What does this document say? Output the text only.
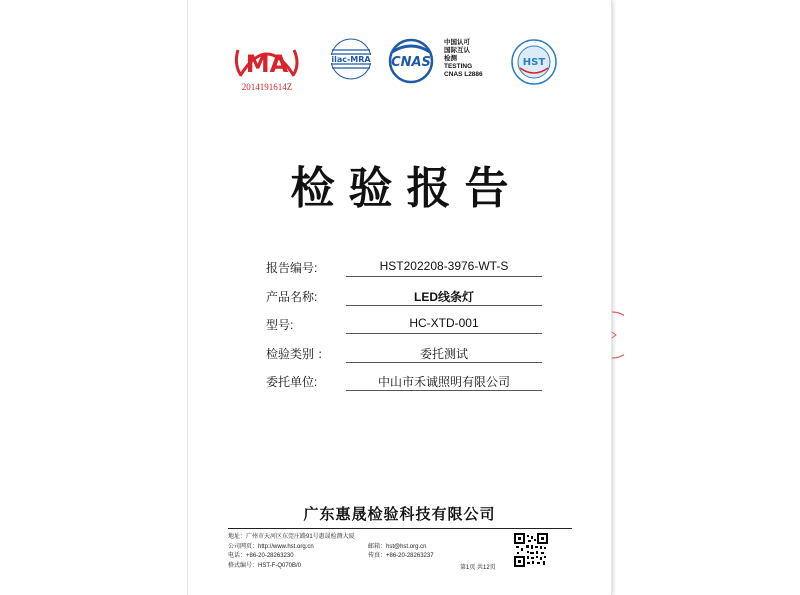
MA
2014191614Z
ilac-MRA CNAS
中国认可
国际互认
检测
TESTING
CNAS L2886
HST
检验报告
报告编号:	HST202208-3976-WT-S
产品名称:	LED线条灯
型号:	HC-XTD-001
检验类别 ：	委托测试
委托单位:	中山市禾诚照明有限公司
广东惠晟检验科技有限公司
地址：广州市天河区东莞庄路91号惠晟检测大厦
公司网页：http://www.hst.org.cn	邮箱：hst@hst.org.cn
电话：+86-20-28263230	传真：+86-20-28263237
格式编号：HST-F-Q070B/0	第1页 共12页
